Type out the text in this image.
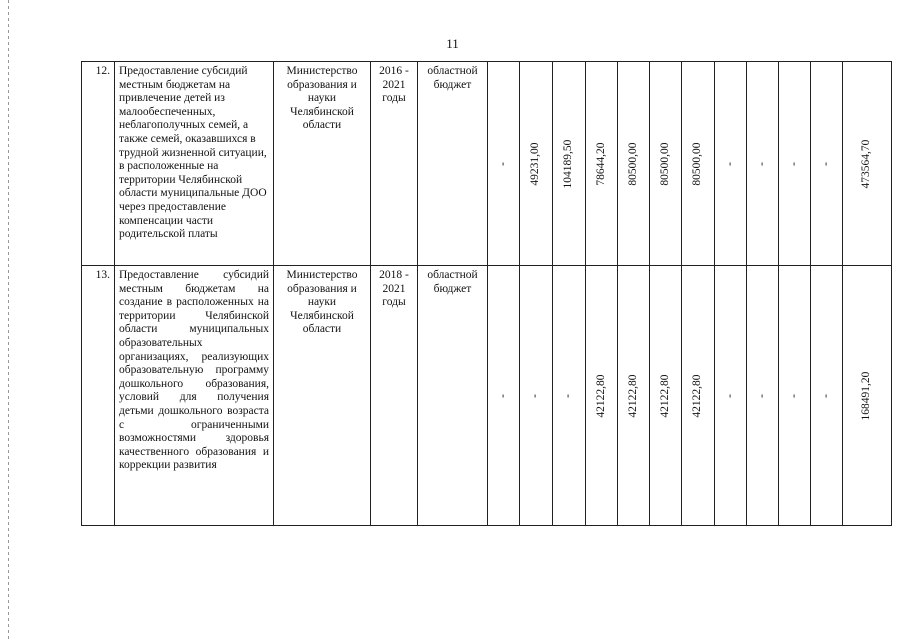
11
12.	Предоставление субсидий местным бюджетам на привлечение детей из малообеспеченных, неблагополучных семей, а также семей, оказавшихся в трудной жизненной ситуации, в расположенные на территории Челябинской области муниципальные ДОО через предоставление компенсации части родительской платы	Министерство образования и науки Челябинской области	2016 - 2021 годы	областной бюджет	-	49231,00	104189,50	78644,20	80500,00	80500,00	80500,00	-	-	-	-	473564,70

13.	Предоставление субсидий местным бюджетам на создание в расположенных на территории Челябинской области муниципальных образовательных организациях, реализующих образовательную программу дошкольного образования, условий для получения детьми дошкольного возраста с ограниченными возможностями здоровья качественного образования и коррекции развития	Министерство образования и науки Челябинской области	2018 - 2021 годы	областной бюджет	-	-	-	42122,80	42122,80	42122,80	42122,80	-	-	-	-	168491,20
